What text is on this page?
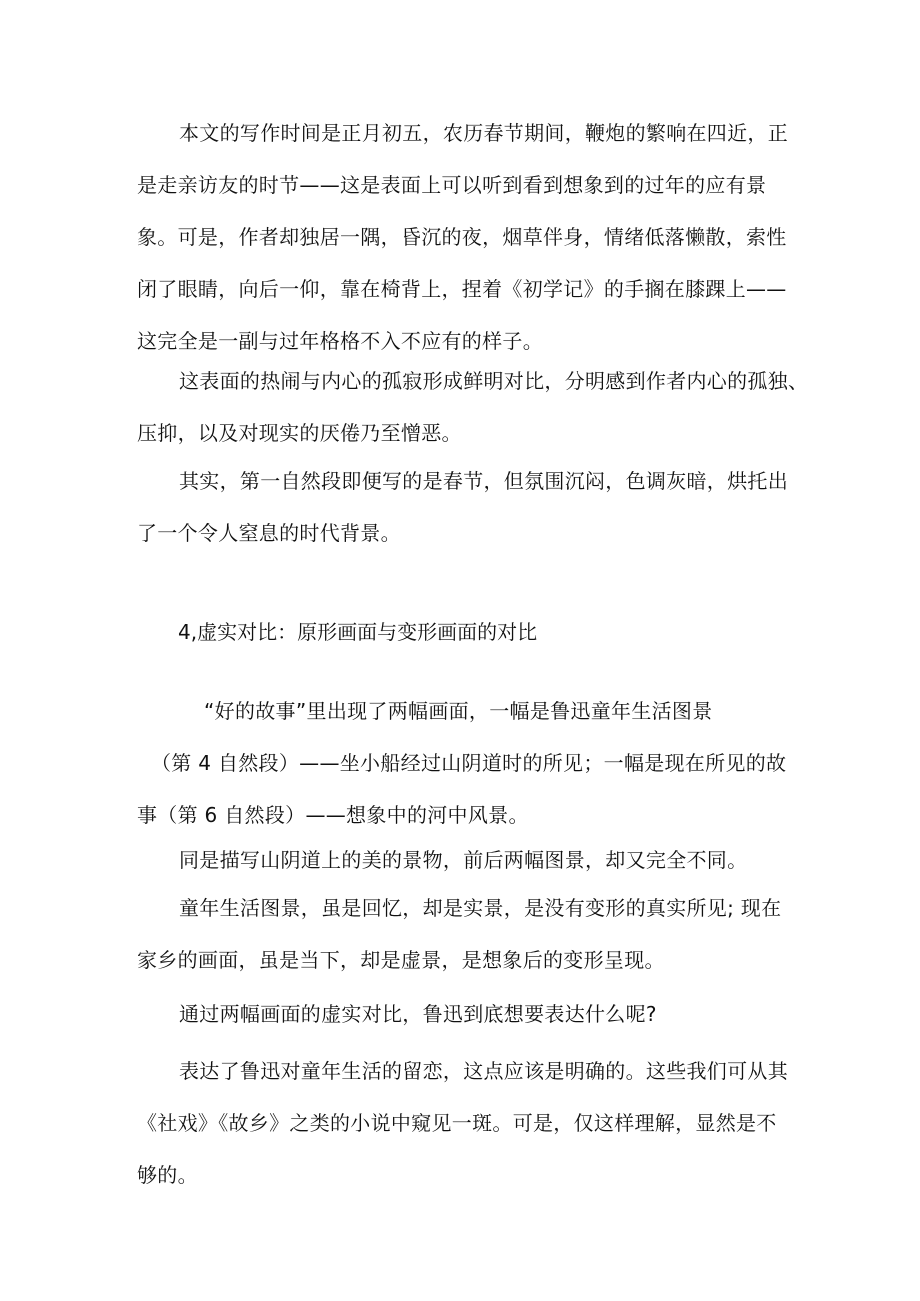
本文的写作时间是正月初五，农历春节期间，鞭炮的繁响在四近，正
是走亲访友的时节——这是表面上可以听到看到想象到的过年的应有景
象。可是，作者却独居一隅，昏沉的夜，烟草伴身，情绪低落懒散，索性
闭了眼睛，向后一仰，靠在椅背上，捏着《初学记》的手搁在膝踝上——
这完全是一副与过年格格不入不应有的样子。

这表面的热闹与内心的孤寂形成鲜明对比，分明感到作者内心的孤独、
压抑，以及对现实的厌倦乃至憎恶。

其实，第一自然段即便写的是春节，但氛围沉闷，色调灰暗，烘托出
了一个令人窒息的时代背景。

4,虚实对比：原形画面与变形画面的对比

“好的故事”里出现了两幅画面，一幅是鲁迅童年生活图景
（第 4 自然段）——坐小船经过山阴道时的所见；一幅是现在所见的故
事（第 6 自然段）——想象中的河中风景。

同是描写山阴道上的美的景物，前后两幅图景，却又完全不同。

童年生活图景，虽是回忆，却是实景，是没有变形的真实所见; 现在
家乡的画面，虽是当下，却是虚景，是想象后的变形呈现。

通过两幅画面的虚实对比，鲁迅到底想要表达什么呢?

表达了鲁迅对童年生活的留恋，这点应该是明确的。这些我们可从其
《社戏》《故乡》之类的小说中窥见一斑。可是，仅这样理解，显然是不
够的。
